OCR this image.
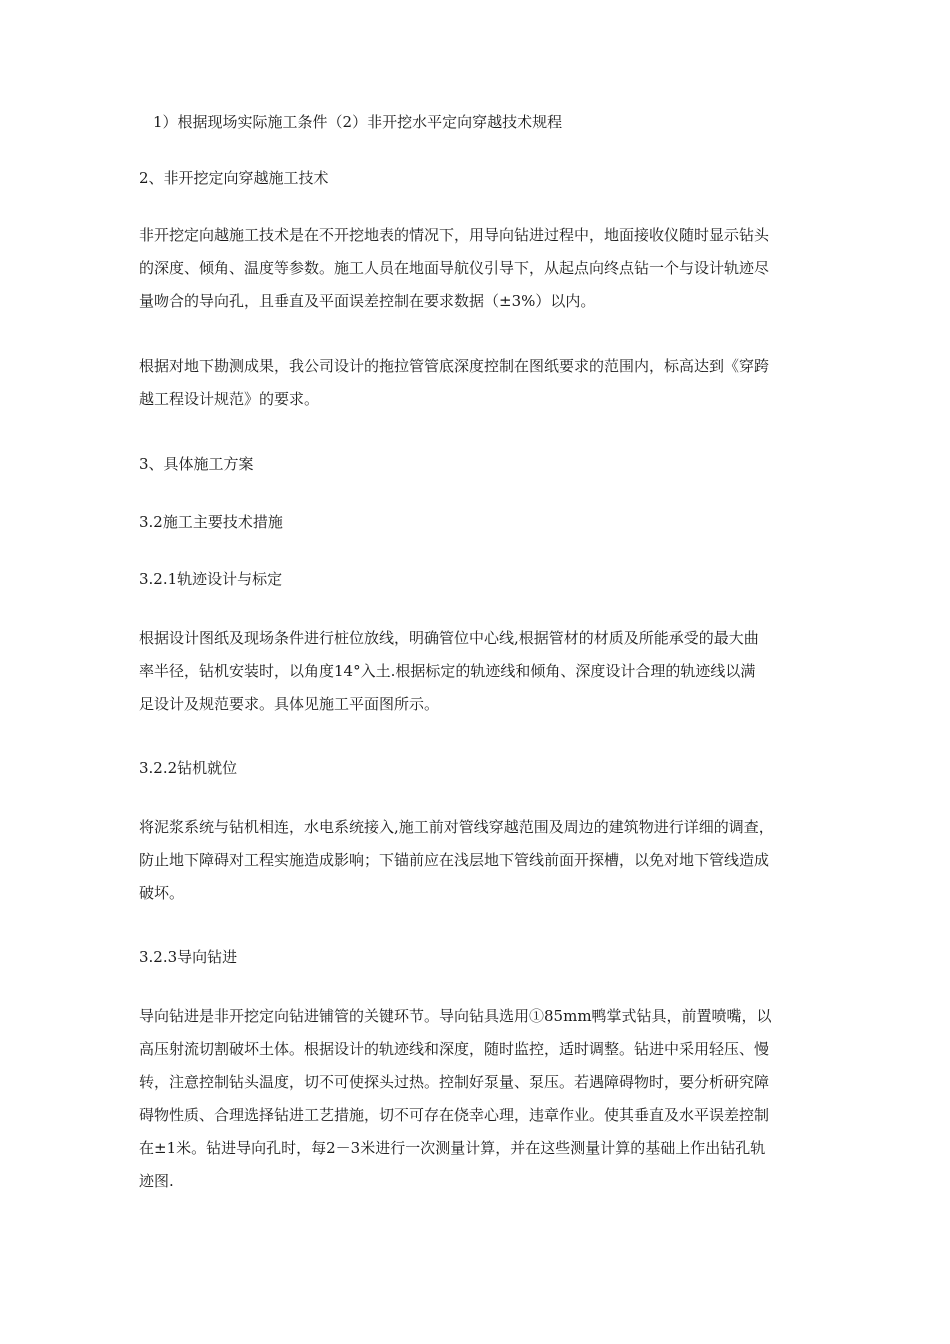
1）根据现场实际施工条件（2）非开挖水平定向穿越技术规程

2、非开挖定向穿越施工技术

非开挖定向越施工技术是在不开挖地表的情况下，用导向钻进过程中，地面接收仪随时显示钻头
的深度、倾角、温度等参数。施工人员在地面导航仪引导下，从起点向终点钻一个与设计轨迹尽
量吻合的导向孔，且垂直及平面误差控制在要求数据（±3%）以内。
根据对地下勘测成果，我公司设计的拖拉管管底深度控制在图纸要求的范围内，标高达到《穿跨
越工程设计规范》的要求。

3、具体施工方案

3.2施工主要技术措施

3.2.1轨迹设计与标定

根据设计图纸及现场条件进行桩位放线，明确管位中心线,根据管材的材质及所能承受的最大曲
率半径，钻机安装时，以角度14°入土.根据标定的轨迹线和倾角、深度设计合理的轨迹线以满
足设计及规范要求。具体见施工平面图所示。

3.2.2钻机就位

将泥浆系统与钻机相连，水电系统接入,施工前对管线穿越范围及周边的建筑物进行详细的调查，
防止地下障碍对工程实施造成影响；下锚前应在浅层地下管线前面开探槽，以免对地下管线造成
破坏。

3.2.3导向钻进

导向钻进是非开挖定向钻进铺管的关键环节。导向钻具选用①85mm鸭掌式钻具，前置喷嘴，以
高压射流切割破坏土体。根据设计的轨迹线和深度，随时监控，适时调整。钻进中采用轻压、慢
转，注意控制钻头温度，切不可使探头过热。控制好泵量、泵压。若遇障碍物时，要分析研究障
碍物性质、合理选择钻进工艺措施，切不可存在侥幸心理，违章作业。使其垂直及水平误差控制
在±1米。钻进导向孔时，每2－3米进行一次测量计算，并在这些测量计算的基础上作出钻孔轨
迹图.
